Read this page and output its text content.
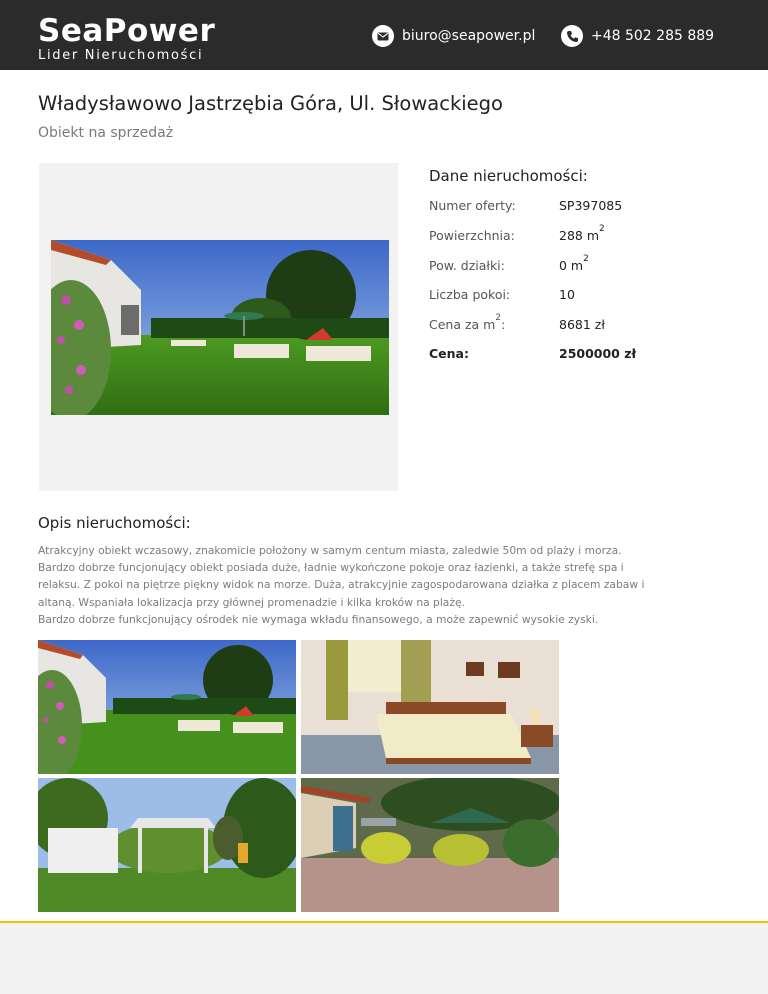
SeaPower
Lider Nieruchomości
biuro@seapower.pl	+48 502 285 889
Władysławowo Jastrzębia Góra, Ul. Słowackiego
Obiekt na sprzedaż
Dane nieruchomości:
Numer oferty:	SP397085
Powierzchnia:	288 $m^2$
Pow. działki:	0 $m^2$
Liczba pokoi:	10
Cena za $m^2$:	8681 zł
Cena:	2500000 zł
Opis nieruchomości:

Atrakcyjny obiekt wczasowy, znakomicie położony w samym centum miasta, zaledwie 50m od plaży i morza.

Bardzo dobrze funcjonujący obiekt posiada duże, ładnie wykończone pokoje oraz łazienki, a także strefę spa i

relaksu. Z pokoi na piętrze piękny widok na morze. Duża, atrakcyjnie zagospodarowana działka z placem zabaw i

altaną. Wspaniała lokalizacja przy głównej promenadzie i kilka kroków na plażę.

Bardzo dobrze funkcjonujący ośrodek nie wymaga wkładu finansowego, a może zapewnić wysokie zyski.
